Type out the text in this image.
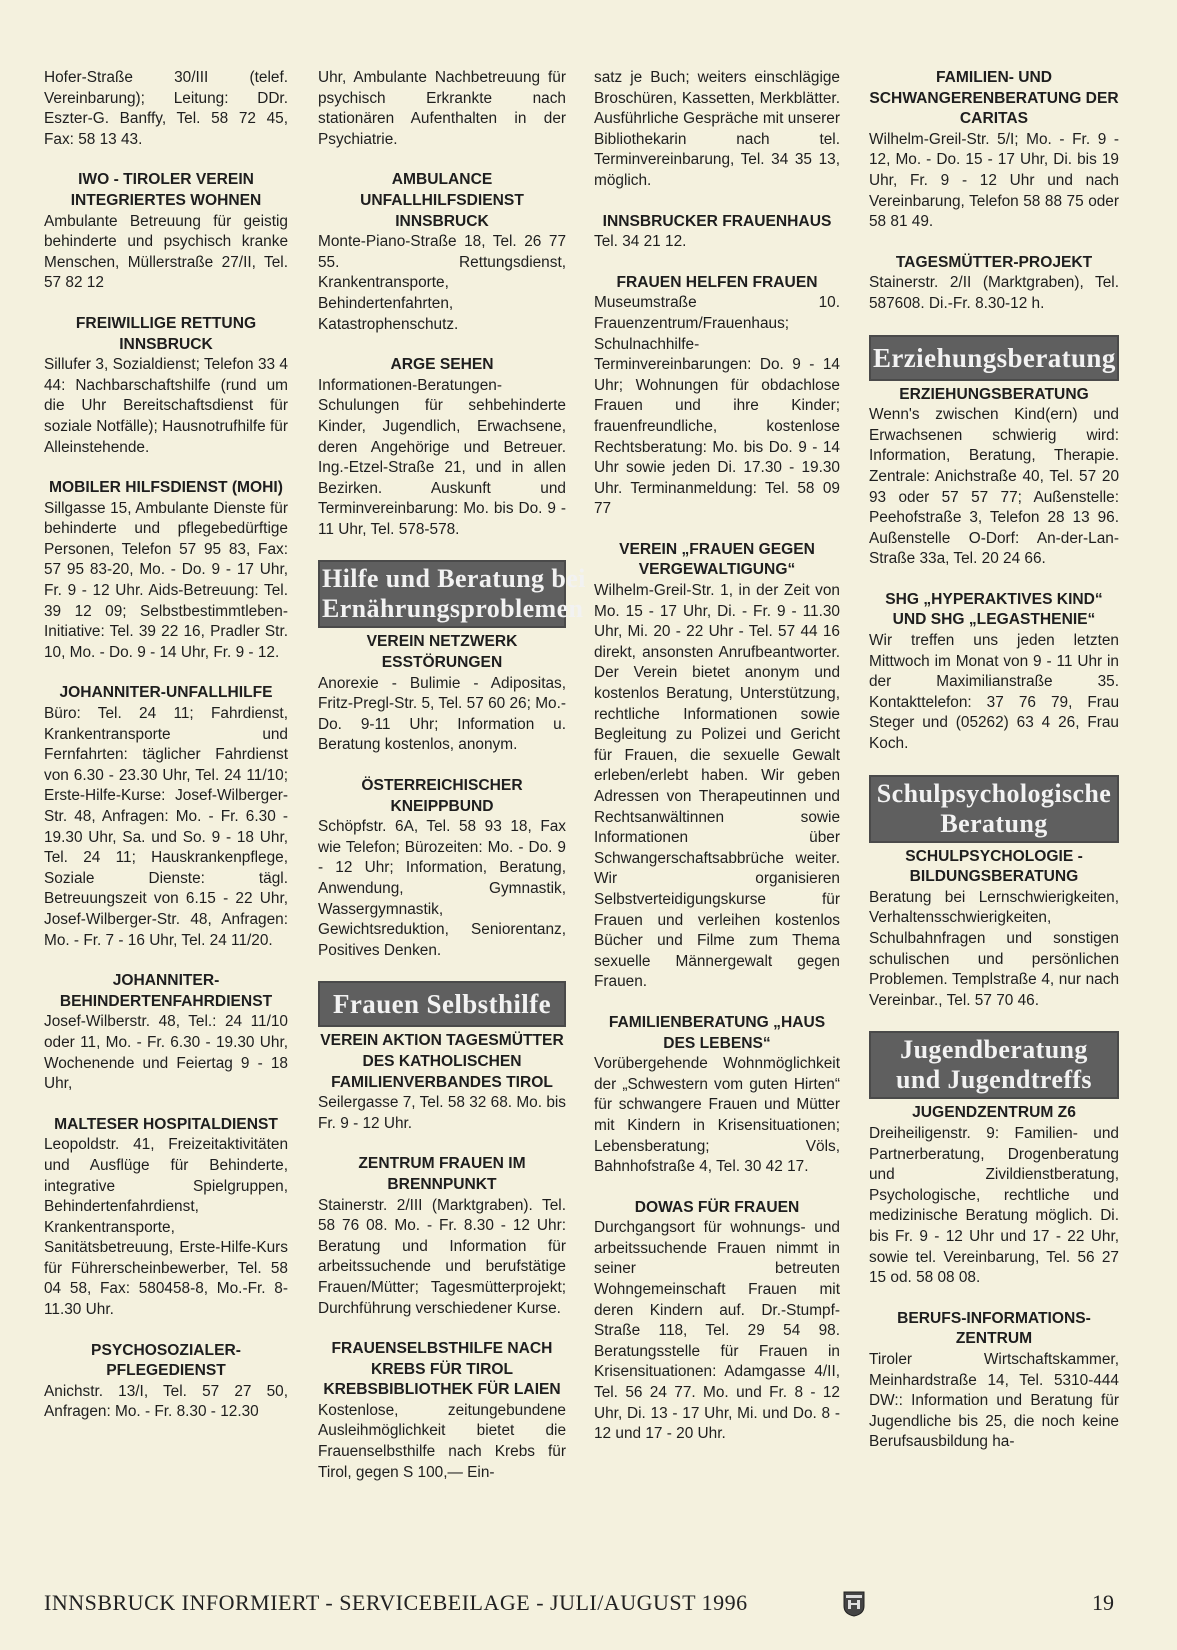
Hofer-Straße 30/III (telef. Vereinbarung); Leitung: DDr. Eszter-G. Banffy, Tel. 58 72 45, Fax: 58 13 43.
IWO - TIROLER VEREIN INTEGRIERTES WOHNEN
Ambulante Betreuung für geistig behinderte und psychisch kranke Menschen, Müllerstraße 27/II, Tel. 57 82 12
FREIWILLIGE RETTUNG INNSBRUCK
Sillufer 3, Sozialdienst; Telefon 33 4 44: Nachbarschaftshilfe (rund um die Uhr Bereitschaftsdienst für soziale Notfälle); Hausnotrufhilfe für Alleinstehende.
MOBILER HILFSDIENST (MOHI)
Sillgasse 15, Ambulante Dienste für behinderte und pflegebedürftige Personen, Telefon 57 95 83, Fax: 57 95 83-20, Mo. - Do. 9 - 17 Uhr, Fr. 9 - 12 Uhr. Aids-Betreuung: Tel. 39 12 09; Selbstbestimmtleben-Initiative: Tel. 39 22 16, Pradler Str. 10, Mo. - Do. 9 - 14 Uhr, Fr. 9 - 12.
JOHANNITER-UNFALLHILFE
Büro: Tel. 24 11; Fahrdienst, Krankentransporte und Fernfahrten: täglicher Fahrdienst von 6.30 - 23.30 Uhr, Tel. 24 11/10; Erste-Hilfe-Kurse: Josef-Wilberger-Str. 48, Anfragen: Mo. - Fr. 6.30 - 19.30 Uhr, Sa. und So. 9 - 18 Uhr, Tel. 24 11; Hauskrankenpflege, Soziale Dienste: tägl. Betreuungszeit von 6.15 - 22 Uhr, Josef-Wilberger-Str. 48, Anfragen: Mo. - Fr. 7 - 16 Uhr, Tel. 24 11/20.
JOHANNITER-BEHINDERTENFAHRDIENST
Josef-Wilberstr. 48, Tel.: 24 11/10 oder 11, Mo. - Fr. 6.30 - 19.30 Uhr, Wochenende und Feiertag 9 - 18 Uhr,
MALTESER HOSPITALDIENST
Leopoldstr. 41, Freizeitaktivitäten und Ausflüge für Behinderte, integrative Spielgruppen, Behindertenfahrdienst, Krankentransporte, Sanitätsbetreuung, Erste-Hilfe-Kurs für Führerscheinbewerber, Tel. 58 04 58, Fax: 580458-8, Mo.-Fr. 8-11.30 Uhr.
PSYCHOSOZIALER-PFLEGEDIENST
Anichstr. 13/I, Tel. 57 27 50, Anfragen: Mo. - Fr. 8.30 - 12.30
Uhr, Ambulante Nachbetreuung für psychisch Erkrankte nach stationären Aufenthalten in der Psychiatrie.
AMBULANCE UNFALLHILFSDIENST INNSBRUCK
Monte-Piano-Straße 18, Tel. 26 77 55. Rettungsdienst, Krankentransporte, Behindertenfahrten, Katastrophenschutz.
ARGE SEHEN
Informationen-Beratungen-Schulungen für sehbehinderte Kinder, Jugendlich, Erwachsene, deren Angehörige und Betreuer. Ing.-Etzel-Straße 21, und in allen Bezirken. Auskunft und Terminvereinbarung: Mo. bis Do. 9 - 11 Uhr, Tel. 578-578.
Hilfe und Beratung bei
Ernährungsproblemen
VEREIN NETZWERK ESSTÖRUNGEN
Anorexie - Bulimie - Adipositas, Fritz-Pregl-Str. 5, Tel. 57 60 26; Mo.-Do. 9-11 Uhr; Information u. Beratung kostenlos, anonym.
ÖSTERREICHISCHER KNEIPPBUND
Schöpfstr. 6A, Tel. 58 93 18, Fax wie Telefon; Bürozeiten: Mo. - Do. 9 - 12 Uhr; Information, Beratung, Anwendung, Gymnastik, Wassergymnastik, Gewichtsreduktion, Seniorentanz, Positives Denken.
Frauen Selbsthilfe
VEREIN AKTION TAGESMÜTTER DES KATHOLISCHEN FAMILIENVERBANDES TIROL
Seilergasse 7, Tel. 58 32 68. Mo. bis Fr. 9 - 12 Uhr.
ZENTRUM FRAUEN IM BRENNPUNKT
Stainerstr. 2/III (Marktgraben). Tel. 58 76 08. Mo. - Fr. 8.30 - 12 Uhr: Beratung und Information für arbeitssuchende und berufstätige Frauen/Mütter; Tagesmütterprojekt; Durchführung verschiedener Kurse.
FRAUENSELBSTHILFE NACH KREBS FÜR TIROL KREBSBIBLIOTHEK FÜR LAIEN
Kostenlose, zeitungebundene Ausleihmöglichkeit bietet die Frauenselbsthilfe nach Krebs für Tirol, gegen S 100,— Ein-
satz je Buch; weiters einschlägige Broschüren, Kassetten, Merkblätter. Ausführliche Gespräche mit unserer Bibliothekarin nach tel. Terminvereinbarung, Tel. 34 35 13, möglich.
INNSBRUCKER FRAUENHAUS
Tel. 34 21 12.
FRAUEN HELFEN FRAUEN
Museumstraße 10. Frauenzentrum/Frauenhaus; Schulnachhilfe-Terminvereinbarungen: Do. 9 - 14 Uhr; Wohnungen für obdachlose Frauen und ihre Kinder; frauenfreundliche, kostenlose Rechtsberatung: Mo. bis Do. 9 - 14 Uhr sowie jeden Di. 17.30 - 19.30 Uhr. Terminanmeldung: Tel. 58 09 77
VEREIN „FRAUEN GEGEN VERGEWALTIGUNG“
Wilhelm-Greil-Str. 1, in der Zeit von Mo. 15 - 17 Uhr, Di. - Fr. 9 - 11.30 Uhr, Mi. 20 - 22 Uhr - Tel. 57 44 16 direkt, ansonsten Anrufbeantworter. Der Verein bietet anonym und kostenlos Beratung, Unterstützung, rechtliche Informationen sowie Begleitung zu Polizei und Gericht für Frauen, die sexuelle Gewalt erleben/erlebt haben. Wir geben Adressen von Therapeutinnen und Rechtsanwältinnen sowie Informationen über Schwangerschaftsabbrüche weiter. Wir organisieren Selbstverteidigungskurse für Frauen und verleihen kostenlos Bücher und Filme zum Thema sexuelle Männergewalt gegen Frauen.
FAMILIENBERATUNG „HAUS DES LEBENS“
Vorübergehende Wohnmöglichkeit der „Schwestern vom guten Hirten“ für schwangere Frauen und Mütter mit Kindern in Krisensituationen; Lebensberatung; Völs, Bahnhofstraße 4, Tel. 30 42 17.
DOWAS FÜR FRAUEN
Durchgangsort für wohnungs- und arbeitssuchende Frauen nimmt in seiner betreuten Wohngemeinschaft Frauen mit deren Kindern auf. Dr.-Stumpf-Straße 118, Tel. 29 54 98. Beratungsstelle für Frauen in Krisensituationen: Adamgasse 4/II, Tel. 56 24 77. Mo. und Fr. 8 - 12 Uhr, Di. 13 - 17 Uhr, Mi. und Do. 8 - 12 und 17 - 20 Uhr.
FAMILIEN- UND SCHWANGERENBERATUNG DER CARITAS
Wilhelm-Greil-Str. 5/I; Mo. - Fr. 9 - 12, Mo. - Do. 15 - 17 Uhr, Di. bis 19 Uhr, Fr. 9 - 12 Uhr und nach Vereinbarung, Telefon 58 88 75 oder 58 81 49.
TAGESMÜTTER-PROJEKT
Stainerstr. 2/II (Marktgraben), Tel. 587608. Di.-Fr. 8.30-12 h.
Erziehungsberatung
ERZIEHUNGSBERATUNG
Wenn's zwischen Kind(ern) und Erwachsenen schwierig wird: Information, Beratung, Therapie. Zentrale: Anichstraße 40, Tel. 57 20 93 oder 57 57 77; Außenstelle: Peehofstraße 3, Telefon 28 13 96. Außenstelle O-Dorf: An-der-Lan-Straße 33a, Tel. 20 24 66.
SHG „HYPERAKTIVES KIND“ UND SHG „LEGASTHENIE“
Wir treffen uns jeden letzten Mittwoch im Monat von 9 - 11 Uhr in der Maximilianstraße 35. Kontakttelefon: 37 76 79, Frau Steger und (05262) 63 4 26, Frau Koch.
Schulpsychologische
Beratung
SCHULPSYCHOLOGIE - BILDUNGSBERATUNG
Beratung bei Lernschwierigkeiten, Verhaltensschwierigkeiten, Schulbahnfragen und sonstigen schulischen und persönlichen Problemen. Templstraße 4, nur nach Vereinbar., Tel. 57 70 46.
Jugendberatung
und Jugendtreffs
JUGENDZENTRUM Z6
Dreiheiligenstr. 9: Familien- und Partnerberatung, Drogenberatung und Zivildienstberatung, Psychologische, rechtliche und medizinische Beratung möglich. Di. bis Fr. 9 - 12 Uhr und 17 - 22 Uhr, sowie tel. Vereinbarung, Tel. 56 27 15 od. 58 08 08.
BERUFS-INFORMATIONS-ZENTRUM
Tiroler Wirtschaftskammer, Meinhardstraße 14, Tel. 5310-444 DW:: Information und Beratung für Jugendliche bis 25, die noch keine Berufsausbildung ha-
INNSBRUCK INFORMIERT - SERVICEBEILAGE - JULI/AUGUST 1996	19
